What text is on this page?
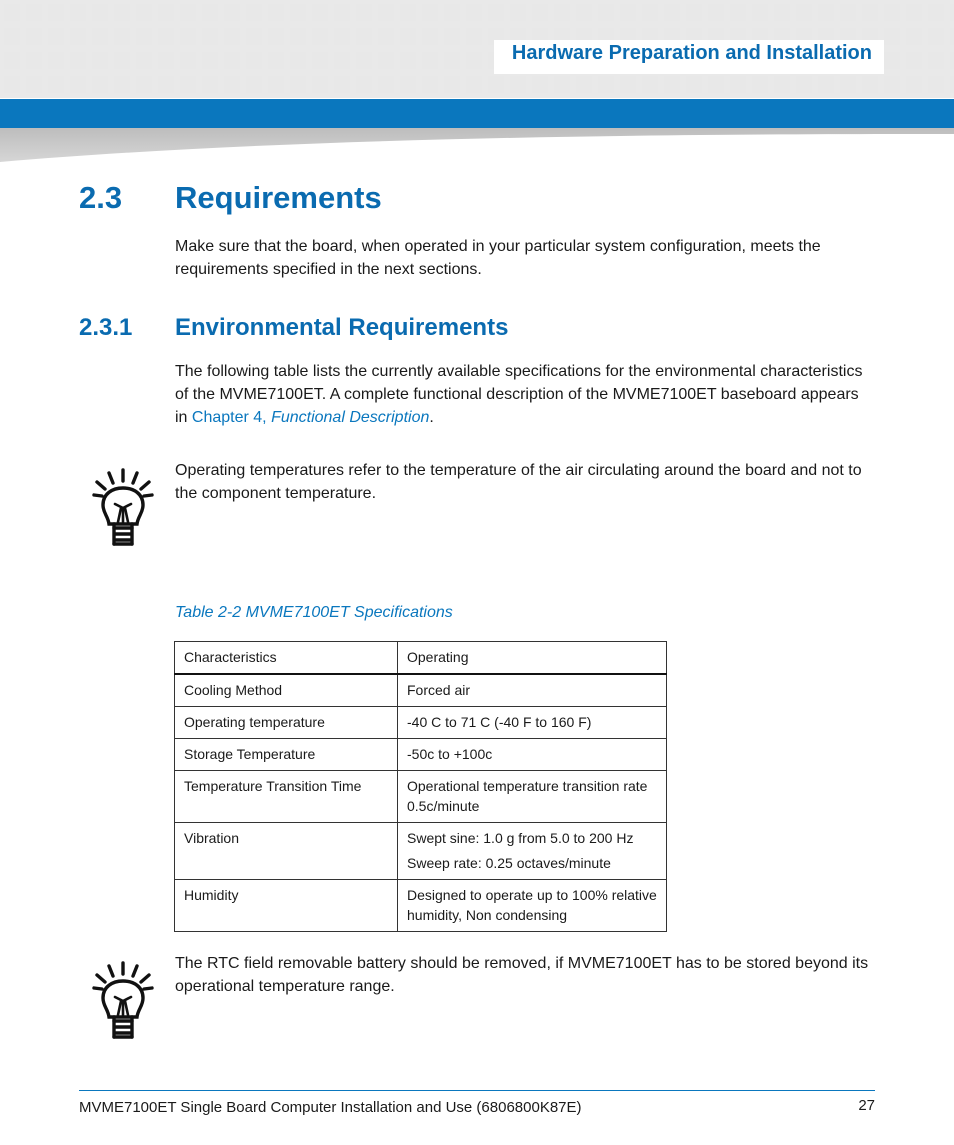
Hardware Preparation and Installation
2.3 Requirements
Make sure that the board, when operated in your particular system configuration, meets the requirements specified in the next sections.
2.3.1 Environmental Requirements
The following table lists the currently available specifications for the environmental characteristics of the MVME7100ET. A complete functional description of the MVME7100ET baseboard appears in Chapter 4, Functional Description.
Operating temperatures refer to the temperature of the air circulating around the board and not to the component temperature.
Table 2-2 MVME7100ET Specifications
Characteristics	Operating
Cooling Method	Forced air
Operating temperature	-40 C to 71 C (-40 F to 160 F)
Storage Temperature	-50c to +100c
Temperature Transition Time	Operational temperature transition rate 0.5c/minute
Vibration	Swept sine: 1.0 g from 5.0 to 200 Hz
Sweep rate: 0.25 octaves/minute

Humidity	Designed to operate up to 100% relative humidity, Non condensing
The RTC field removable battery should be removed, if MVME7100ET has to be stored beyond its operational temperature range.
MVME7100ET Single Board Computer Installation and Use (6806800K87E)	27
